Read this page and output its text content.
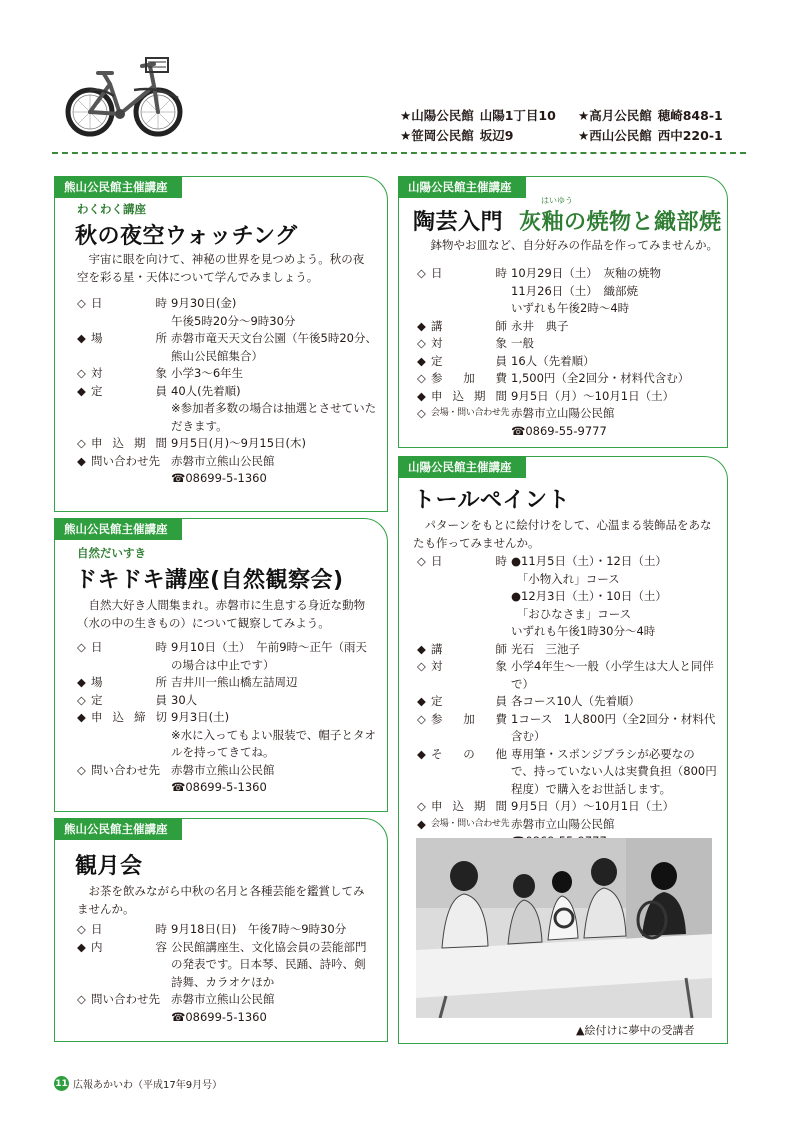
★山陽公民館 山陽1丁目10	★高月公民館 穂崎848-1
★笹岡公民館 坂辺9	★西山公民館 西中220-1
熊山公民館主催講座
わくわく講座
秋の夜空ウォッチング
宇宙に眼を向けて、神秘の世界を見つめよう。秋の夜空を彩る星・天体について学んでみましょう。
◇ 日	時 9月30日(金)
午後5時20分～9時30分
◆ 場	所 赤磐市竜天天文台公園（午後5時20分、熊山公民館集合）
◇ 対	象 小学3～6年生
◆ 定	員 40人(先着順)
※参加者多数の場合は抽選とさせていただきます。
◇ 申 込 期 間 9月5日(月)～9月15日(木)
◆ 問い合わせ先 赤磐市立熊山公民館
☎08699-5-1360
熊山公民館主催講座
自然だいすき
ドキドキ講座(自然観察会)
自然大好き人間集まれ。赤磐市に生息する身近な動物（水の中の生きもの）について観察してみよう。
◇ 日	時 9月10日（土）　午前9時～正午（雨天の場合は中止です）
◆ 場	所 吉井川一熊山橋左詰周辺
◇ 定	員 30人
◆ 申 込 締 切 9月3日(土)
※水に入ってもよい服装で、帽子とタオルを持ってきてね。
◇ 問い合わせ先 赤磐市立熊山公民館
☎08699-5-1360
熊山公民館主催講座
観月会
お茶を飲みながら中秋の名月と各種芸能を鑑賞してみませんか。
◇ 日	時 9月18日(日)　午後7時～9時30分
◆ 内	容 公民館講座生、文化協会員の芸能部門の発表です。日本琴、民踊、詩吟、剣詩舞、カラオケほか
◇ 問い合わせ先 赤磐市立熊山公民館
☎08699-5-1360
山陽公民館主催講座
陶芸入門
はいゆう
灰釉の焼物と織部焼
鉢物やお皿など、自分好みの作品を作ってみませんか。
◇ 日	時 10月29日（土）　灰釉の焼物
11月26日（土）　織部焼
いずれも午後2時～4時
◆ 講	師 永井　典子
◇ 対	象 一般
◆ 定	員 16人（先着順）
◇ 参 加 費 1,500円（全2回分・材料代含む）
◆ 申 込 期 間 9月5日（月）～10月1日（土）
◇ 会場・問い合わせ先 赤磐市立山陽公民館
☎0869-55-9777
山陽公民館主催講座
トールペイント
パターンをもとに絵付けをして、心温まる装飾品をあなたも作ってみませんか。
◇ 日	時 ●11月5日（土）・12日（土）
　「小物入れ」コース
●12月3日（土）・10日（土）
　「おひなさま」コース
いずれも午後1時30分～4時
◆ 講	師 光石　三池子
◇ 対	象 小学4年生～一般（小学生は大人と同伴で）
◆ 定	員 各コース10人（先着順）
◇ 参 加 費 1コース　1人800円（全2回分・材料代含む）
◆ そ の 他 専用筆・スポンジブラシが必要なので、持っていない人は実費負担（800円程度）で購入をお世話します。
◇ 申 込 期 間 9月5日（月）～10月1日（土）
◆ 会場・問い合わせ先 赤磐市立山陽公民館

▲絵付けに夢中の受講者
11 広報あかいわ（平成17年9月号）
